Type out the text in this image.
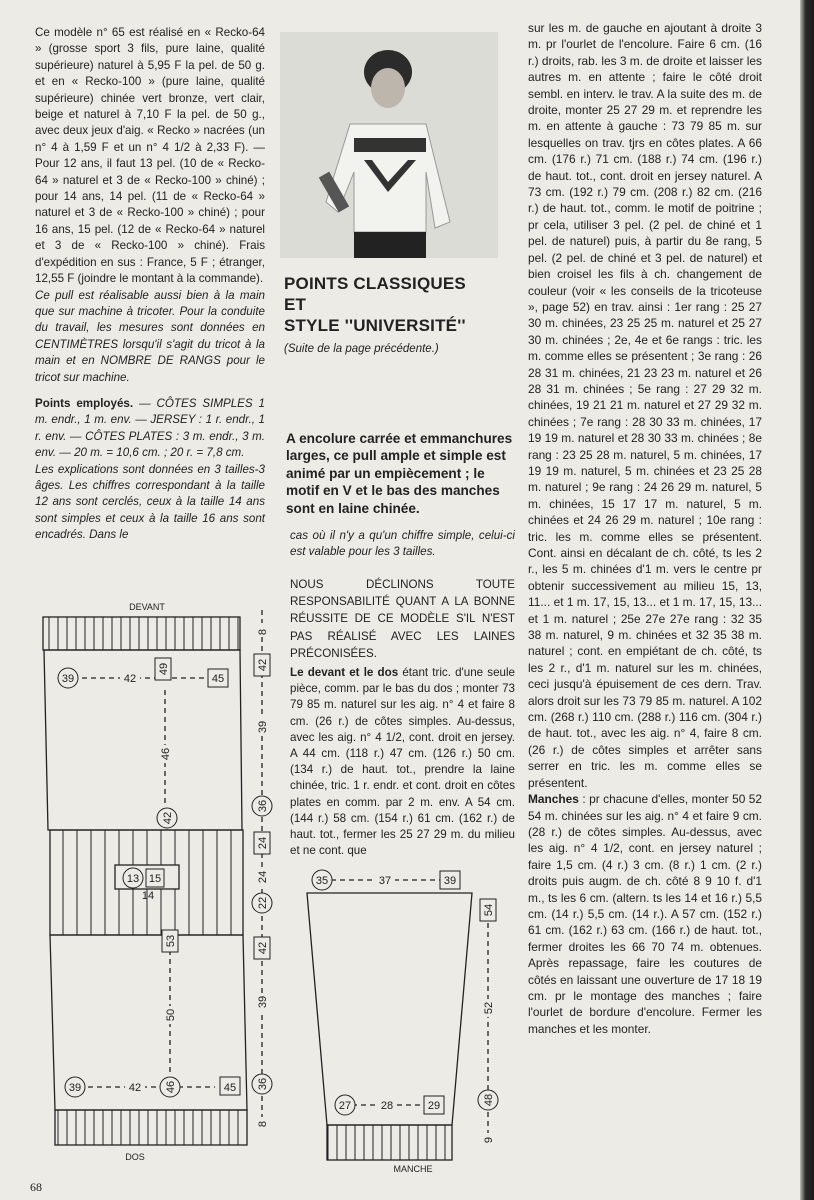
Ce modèle n° 65 est réalisé en « Recko-64 » (grosse sport 3 fils, pure laine, qualité supérieure) naturel à 5,95 F la pel. de 50 g. et en « Recko-100 » (pure laine, qualité supérieure) chinée vert bronze, vert clair, beige et naturel à 7,10 F la pel. de 50 g., avec deux jeux d'aig. « Recko » nacrées (un n° 4 à 1,59 F et un n° 4 1/2 à 2,33 F). — Pour 12 ans, il faut 13 pel. (10 de « Recko-64 » naturel et 3 de « Recko-100 » chiné) ; pour 14 ans, 14 pel. (11 de « Recko-64 » naturel et 3 de « Recko-100 » chiné) ; pour 16 ans, 15 pel. (12 de « Recko-64 » naturel et 3 de « Recko-100 » chiné). Frais d'expédition en sus : France, 5 F ; étranger, 12,55 F (joindre le montant à la commande).

Ce pull est réalisable aussi bien à la main que sur machine à tricoter. Pour la conduite du travail, les mesures sont données en CENTIMÈTRES lorsqu'il s'agit du tricot à la main et en NOMBRE DE RANGS pour le tricot sur machine.

Points employés. — CÔTES SIMPLES 1 m. endr., 1 m. env. — JERSEY : 1 r. endr., 1 r. env. — CÔTES PLATES : 3 m. endr., 3 m. env. — 20 m. = 10,6 cm. ; 20 r. = 7,8 cm.

Les explications sont données en 3 tailles-3 âges. Les chiffres correspondant à la taille 12 ans sont cerclés, ceux à la taille 14 ans sont simples et ceux à la taille 16 ans sont encadrés. Dans le

POINTS CLASSIQUES
ET
STYLE ''UNIVERSITÉ''
(Suite de la page précédente.)
A encolure carrée et emmanchures larges, ce pull ample et simple est animé par un empiècement ; le motif en V et le bas des manches sont en laine chinée.
cas où il n'y a qu'un chiffre simple, celui-ci est valable pour les 3 tailles.
NOUS DÉCLINONS TOUTE RESPONSABILITÉ QUANT A LA BONNE RÉUSSITE DE CE MODÈLE S'IL N'EST PAS RÉALISÉ AVEC LES LAINES PRÉCONISÉES.
Le devant et le dos étant tric. d'une seule pièce, comm. par le bas du dos ; monter 73 79 85 m. naturel sur les aig. n° 4 et faire 8 cm. (26 r.) de côtes simples. Au-dessus, avec les aig. n° 4 1/2, cont. droit en jersey. A 44 cm. (118 r.) 47 cm. (126 r.) 50 cm. (134 r.) de haut. tot., prendre la laine chinée, tric. 1 r. endr. et cont. droit en côtes plates en comm. par 2 m. env. A 54 cm. (144 r.) 58 cm. (154 r.) 61 cm. (162 r.) de haut. tot., fermer les 25 27 29 m. du milieu et ne cont. que

sur les m. de gauche en ajoutant à droite 3 m. pr l'ourlet de l'encolure. Faire 6 cm. (16 r.) droits, rab. les 3 m. de droite et laisser les autres m. en attente ; faire le côté droit sembl. en interv. le trav. A la suite des m. de droite, monter 25 27 29 m. et reprendre les m. en attente à gauche : 73 79 85 m. sur lesquelles on trav. tjrs en côtes plates. A 66 cm. (176 r.) 71 cm. (188 r.) 74 cm. (196 r.) de haut. tot., cont. droit en jersey naturel. A 73 cm. (192 r.) 79 cm. (208 r.) 82 cm. (216 r.) de haut. tot., comm. le motif de poitrine ; pr cela, utiliser 3 pel. (2 pel. de chiné et 1 pel. de naturel) puis, à partir du 8e rang, 5 pel. (2 pel. de chiné et 3 pel. de naturel) et bien croisel les fils à ch. changement de couleur (voir « les conseils de la tricoteuse », page 52) en trav. ainsi : 1er rang : 25 27 30 m. chinées, 23 25 25 m. naturel et 25 27 30 m. chinées ; 2e, 4e et 6e rangs : tric. les m. comme elles se présentent ; 3e rang : 26 28 31 m. chinées, 21 23 23 m. naturel et 26 28 31 m. chinées ; 5e rang : 27 29 32 m. chinées, 19 21 21 m. naturel et 27 29 32 m. chinées ; 7e rang : 28 30 33 m. chinées, 17 19 19 m. naturel et 28 30 33 m. chinées ; 8e rang : 23 25 28 m. naturel, 5 m. chinées, 17 19 19 m. naturel, 5 m. chinées et 23 25 28 m. naturel ; 9e rang : 24 26 29 m. naturel, 5 m. chinées, 15 17 17 m. naturel, 5 m. chinées et 24 26 29 m. naturel ; 10e rang : tric. les m. comme elles se présentent. Cont. ainsi en décalant de ch. côté, ts les 2 r., les 5 m. chinées d'1 m. vers le centre pr obtenir successivement au milieu 15, 13, 11... et 1 m. 17, 15, 13... et 1 m. 17, 15, 13... et 1 m. naturel ; 25e 27e 27e rang : 32 35 38 m. naturel, 9 m. chinées et 32 35 38 m. naturel ; cont. en empiétant de ch. côté, ts les 2 r., d'1 m. naturel sur les m. chinées, ceci jusqu'à épuisement de ces dern. Trav. alors droit sur les 73 79 85 m. naturel. A 102 cm. (268 r.) 110 cm. (288 r.) 116 cm. (304 r.) de haut. tot., avec les aig. n° 4, faire 8 cm. (26 r.) de côtes simples et arrêter sans serrer en tric. les m. comme elles se présentent.

Manches : pr chacune d'elles, monter 50 52 54 m. chinées sur les aig. n° 4 et faire 9 cm. (28 r.) de côtes simples. Au-dessus, avec les aig. n° 4 1/2, cont. en jersey naturel ; faire 1,5 cm. (4 r.) 3 cm. (8 r.) 1 cm. (2 r.) droits puis augm. de ch. côté 8 9 10 f. d'1 m., ts les 6 cm. (altern. ts les 14 et 16 r.) 5,5 cm. (14 r.) 5,5 cm. (14 r.). A 57 cm. (152 r.) 61 cm. (162 r.) 63 cm. (166 r.) de haut. tot., fermer droites les 66 70 74 m. obtenues. Après repassage, faire les coutures de côtés en laissant une ouverture de 17 18 19 cm. pr le montage des manches ; faire l'ourlet de bordure d'encolure. Fermer les manches et les monter.

DEVANT
DOS
MANCHE
39	42	45
49
46
42
13 15
14
53
50
46
39	42	45
8
42
39
36
24
24
22
42
39
36
8
35	37	39
27	28	29
54
52
48
9
68
